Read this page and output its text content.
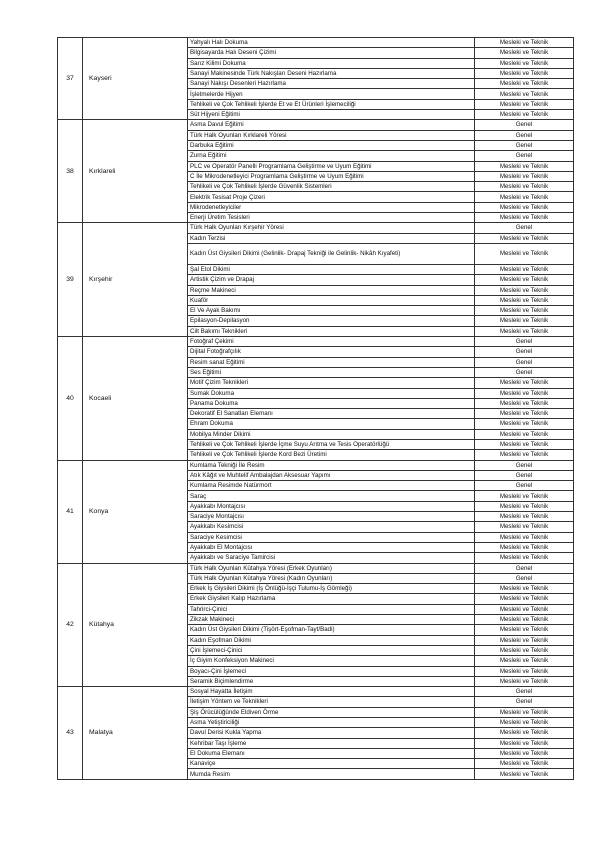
37	Kayseri	Yahyalı Halı Dokuma	Mesleki ve Teknik
		Bilgisayarda Halı Deseni Çizimi	Mesleki ve Teknik
		Sarız Kilimi Dokuma	Mesleki ve Teknik
		Sanayi Makinesinde Türk Nakışları Deseni Hazırlama	Mesleki ve Teknik
		Sanayi Nakışı Desenleri Hazırlama	Mesleki ve Teknik
		İşletmelerde Hijyen	Mesleki ve Teknik
		Tehlikeli ve Çok Tehlikeli İşlerde Et ve Et Ürünleri İşlemeciliği	Mesleki ve Teknik
		Süt Hijyeni Eğitimi	Mesleki ve Teknik
38	Kırklareli	Asma Davul Eğitimi	Genel
		Türk Halk Oyunları Kırklareli Yöresi	Genel
		Darbuka Eğitimi	Genel
		Zurna Eğitimi	Genel
		PLC ve Operatör Panelli Programlama Geliştirme ve Uyum Eğitimi	Mesleki ve Teknik
		C İle Mikrodenetleyici Programlama Geliştirme ve Uyum Eğitimi	Mesleki ve Teknik
		Tehlikeli ve Çok Tehlikeli İşlerde Güvenlik Sistemleri	Mesleki ve Teknik
		Elektrik Tesisat Proje Çizeri	Mesleki ve Teknik
		Mikrodenetleyiciler	Mesleki ve Teknik
		Enerji Üretim Tesisleri	Mesleki ve Teknik
39	Kırşehir	Türk Halk Oyunları Kırşehir Yöresi	Genel
		Kadın Terzisi	Mesleki ve Teknik
		Kadın Üst Giysileri Dikimi (Gelinlik- Drapaj Tekniği ile Gelinlik- Nikâh Kıyafeti)	Mesleki ve Teknik
		Şal Etol Dikimi	Mesleki ve Teknik
		Artistik Çizim ve Drapaj	Mesleki ve Teknik
		Reçme Makineci	Mesleki ve Teknik
		Kuaför	Mesleki ve Teknik
		El Ve Ayak Bakımı	Mesleki ve Teknik
		Epilasyon-Depilasyon	Mesleki ve Teknik
		Cilt Bakımı Teknikleri	Mesleki ve Teknik
40	Kocaeli	Fotoğraf Çekimi	Genel
		Dijital Fotoğrafçılık	Genel
		Resim sanat Eğitimi	Genel
		Ses Eğitimi	Genel
		Motif Çizim Teknikleri	Mesleki ve Teknik
		Sumak Dokuma	Mesleki ve Teknik
		Panama Dokuma	Mesleki ve Teknik
		Dekoratif El Sanatları Elemanı	Mesleki ve Teknik
		Ehram Dokuma	Mesleki ve Teknik
		Mobilya Minder Dikimi	Mesleki ve Teknik
		Tehlikeli ve Çok Tehlikeli İşlerde İçme Suyu Arıtma ve Tesis Operatörlüğü	Mesleki ve Teknik
		Tehlikeli ve Çok Tehlikeli İşlerde Kord Bezi Üretimi	Mesleki ve Teknik
41	Konya	Kumlama Tekniği İle Resim	Genel
		Atık Kâğıt ve Muhtelif Ambalajdan Aksesuar Yapımı	Genel
		Kumlama Resimde Natürmort	Genel
		Saraç	Mesleki ve Teknik
		Ayakkabı Montajcısı	Mesleki ve Teknik
		Saraciye Montajcısı	Mesleki ve Teknik
		Ayakkabı Kesimcisi	Mesleki ve Teknik
		Saraciye Kesimcisi	Mesleki ve Teknik
		Ayakkabı El Montajcısı	Mesleki ve Teknik
		Ayakkabı ve Saraciye Tamircisi	Mesleki ve Teknik
42	Kütahya	Türk Halk Oyunları Kütahya Yöresi (Erkek Oyunları)	Genel
		Türk Halk Oyunları Kütahya Yöresi (Kadın Oyunları)	Genel
		Erkek İş Giysileri Dikimi (İş Önlüğü-İşçi Tulumu-İş Gömleği)	Mesleki ve Teknik
		Erkek Giysileri Kalıp Hazırlama	Mesleki ve Teknik
		Tahrirci-Çinici	Mesleki ve Teknik
		Zikzak Makineci	Mesleki ve Teknik
		Kadın Üst Giysileri Dikimi (Tişört-Eşofman-Tayt/Badi)	Mesleki ve Teknik
		Kadın Eşofman Dikimi	Mesleki ve Teknik
		Çini İşlemeci-Çinici	Mesleki ve Teknik
		İç Giyim Konfeksiyon Makineci	Mesleki ve Teknik
		Boyacı-Çini İşlemeci	Mesleki ve Teknik
		Seramik Biçimlendirme	Mesleki ve Teknik
43	Malatya	Sosyal Hayatta İletişim	Genel
		İletişim Yöntem ve Teknikleri	Genel
		Şiş Örücülüğünde Eldiven Örme	Mesleki ve Teknik
		Asma Yetiştiriciliği	Mesleki ve Teknik
		Davul Derisi Kukla Yapma	Mesleki ve Teknik
		Kehribar Taşı İşleme	Mesleki ve Teknik
		El Dokuma Elemanı	Mesleki ve Teknik
		Kanaviçe	Mesleki ve Teknik
		Mumda Resim	Mesleki ve Teknik
